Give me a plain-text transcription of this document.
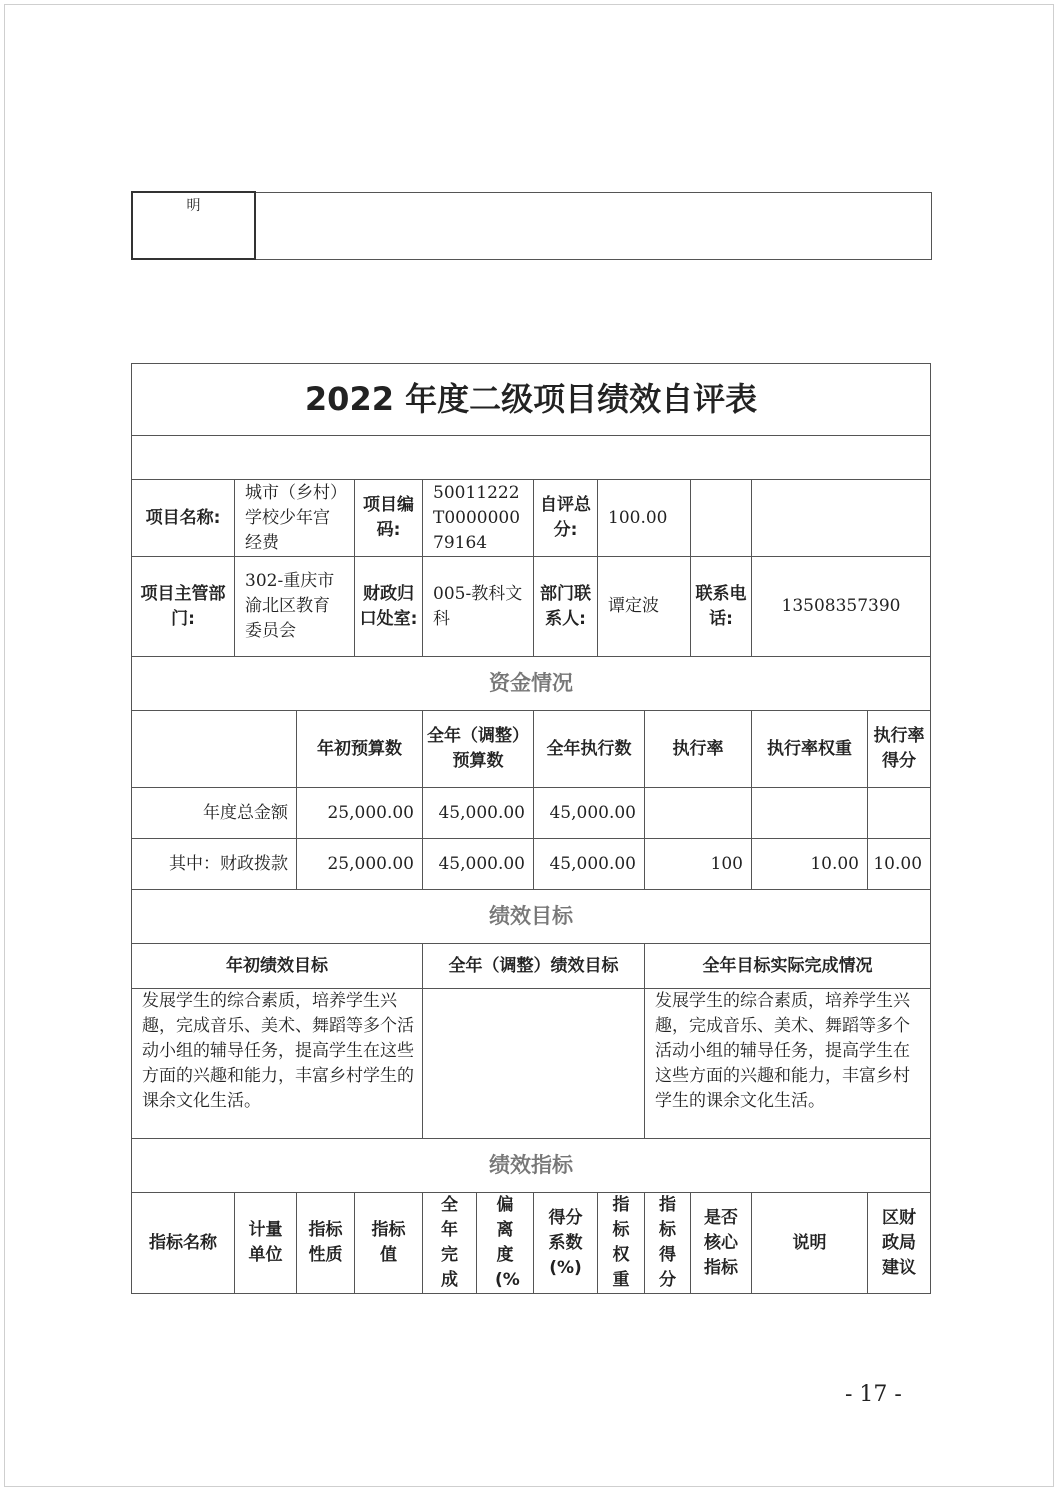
明	
2022 年度二级项目绩效自评表											

项目名称:	城市（乡村）学校少年宫经费		项目编码:	50011222T000000079164		自评总分:	100.00				
项目主管部门:	302-重庆市渝北区教育委员会		财政归口处室:	005-教科文科		部门联系人:	谭定波		联系电话:	13508357390	
资金情况											
		年初预算数		全年（调整）预算数		全年执行数		执行率		执行率权重	执行率得分
年度总金额		25,000.00		45,000.00		45,000.00					
其中：财政拨款		25,000.00		45,000.00		45,000.00		100		10.00	10.00
绩效目标											
年初绩效目标				全年（调整）绩效目标				全年目标实际完成情况			
发展学生的综合素质，培养学生兴趣，完成音乐、美术、舞蹈等多个活动小组的辅导任务，提高学生在这些方面的兴趣和能力，丰富乡村学生的课余文化生活。								发展学生的综合素质，培养学生兴趣，完成音乐、美术、舞蹈等多个活动小组的辅导任务，提高学生在这些方面的兴趣和能力，丰富乡村学生的课余文化生活。			
绩效指标											
指标名称	计量单位	指标性质	指标值	全年完成	偏离度(%	得分系数(%)	指标权重	指标得分	是否核心指标	说明	区财政局建议
- 17 -
